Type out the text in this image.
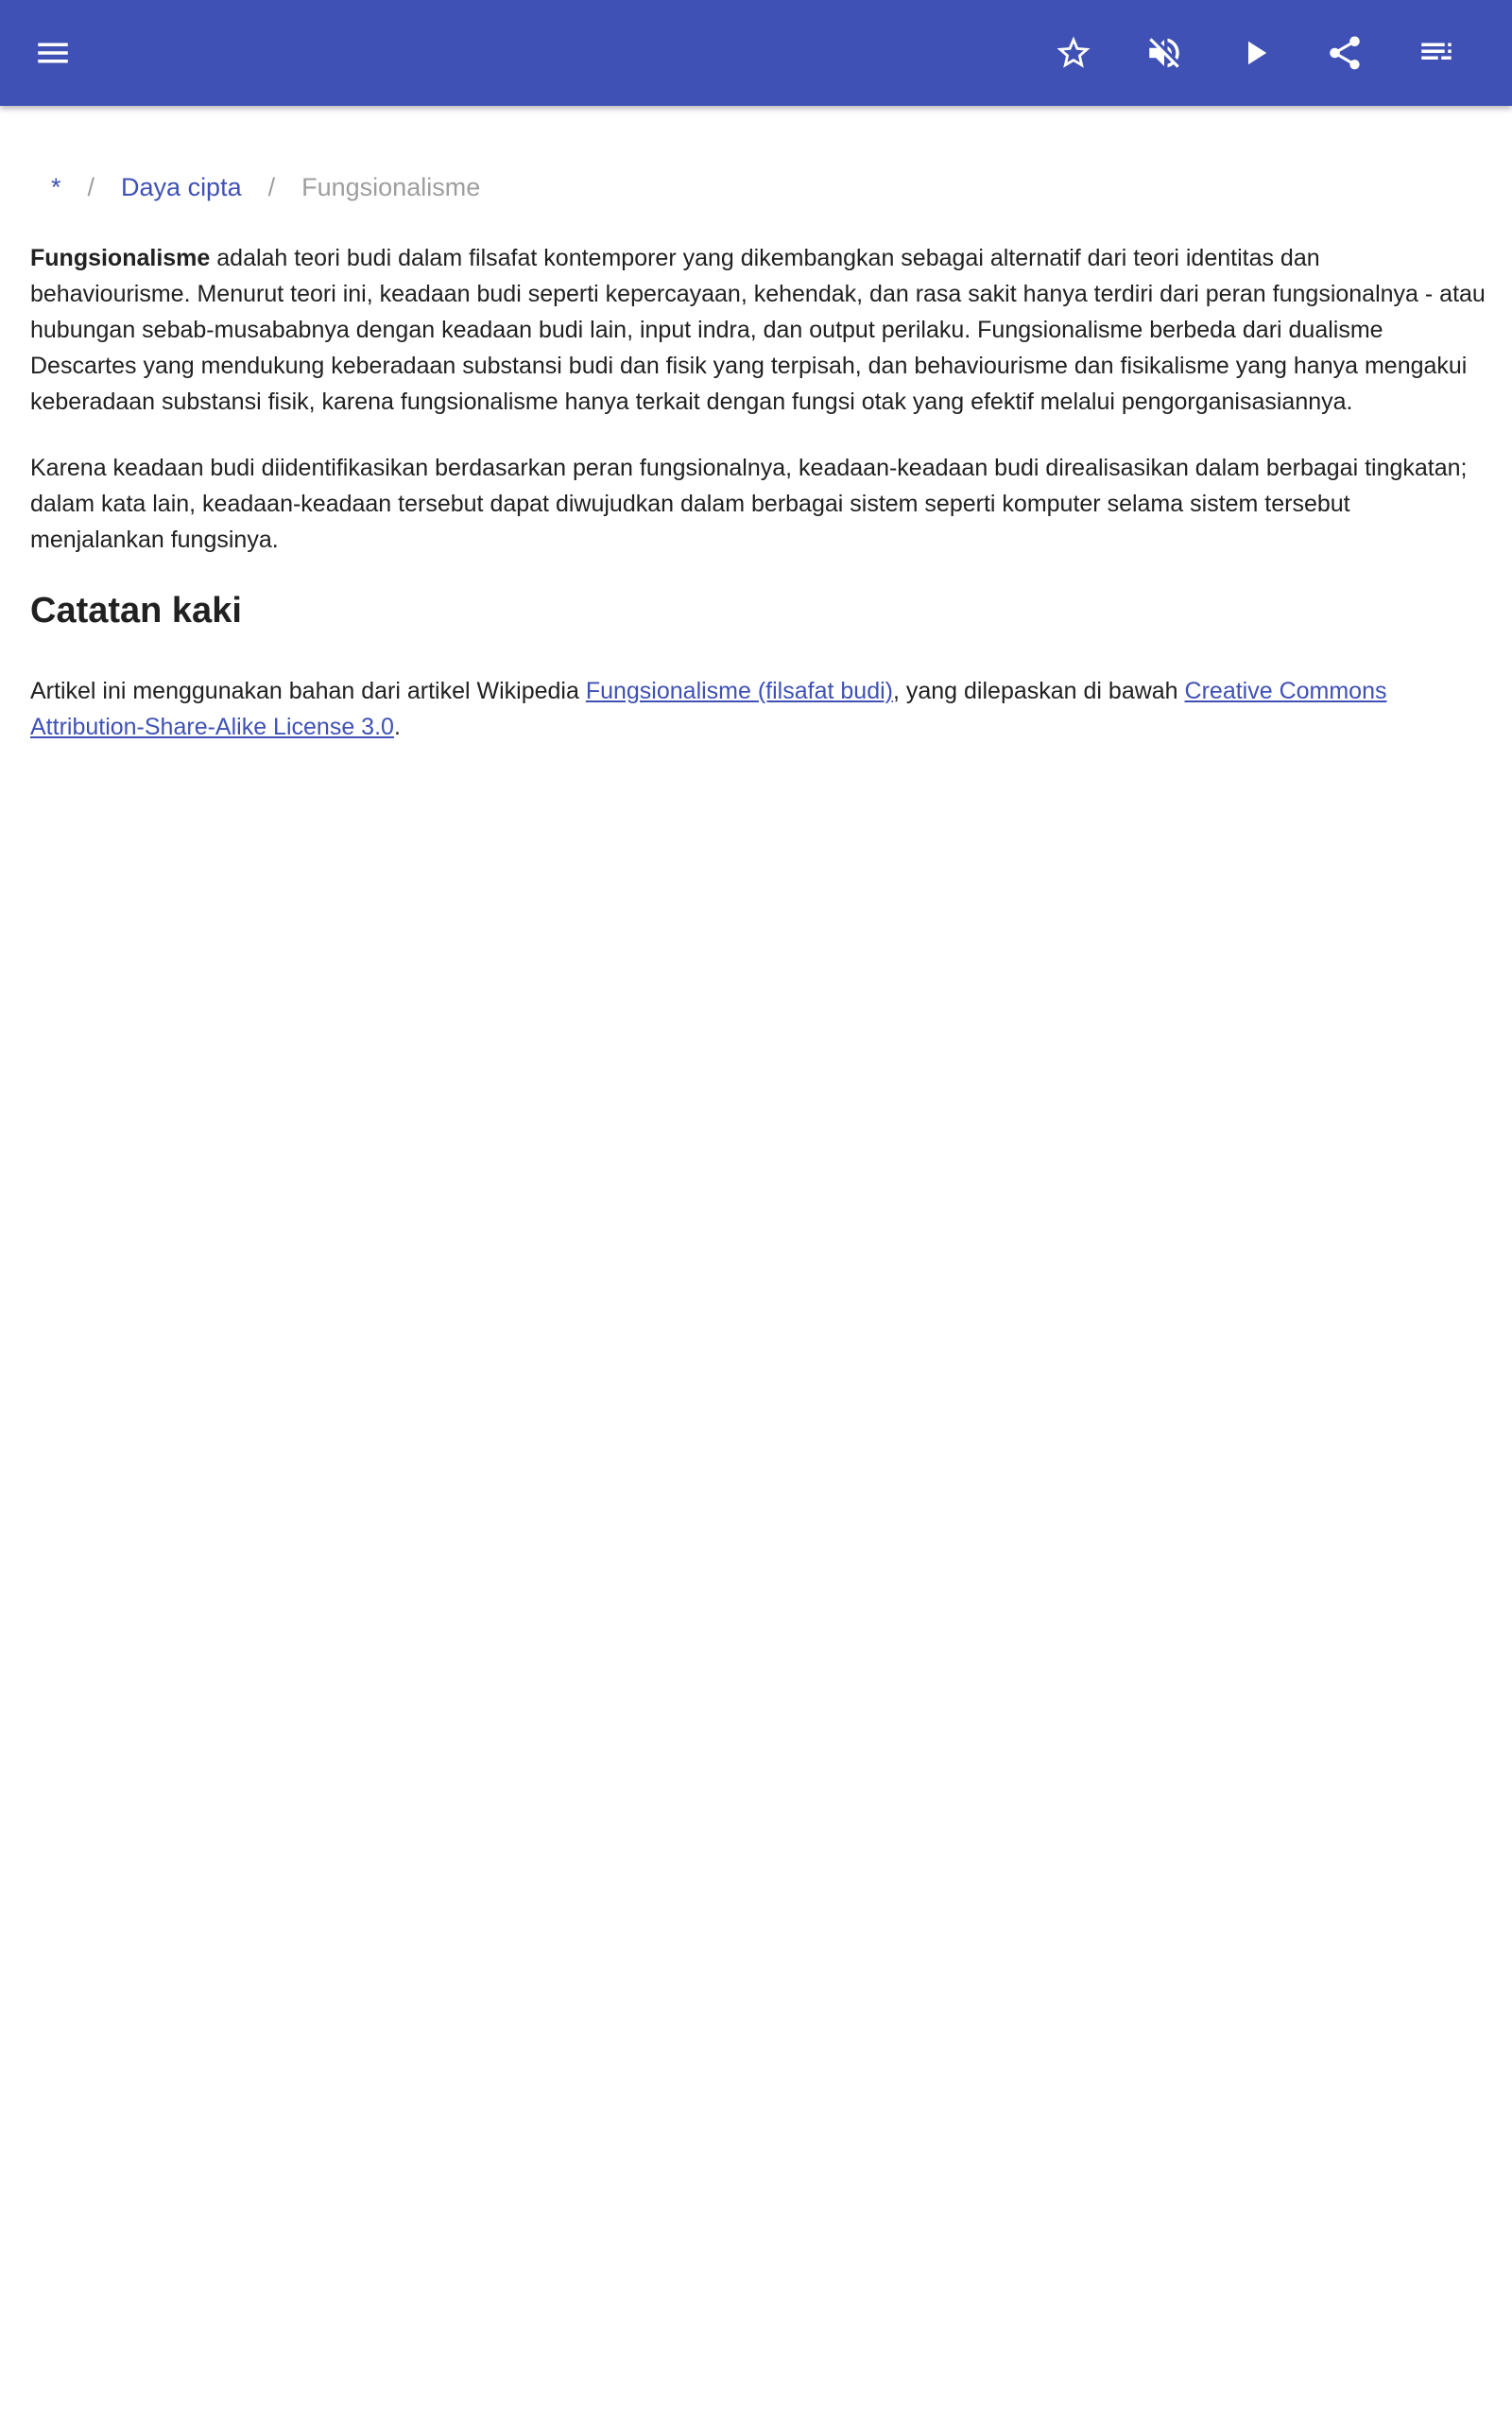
* / Daya cipta / Fungsionalisme

Fungsionalisme adalah teori budi dalam filsafat kontemporer yang dikembangkan sebagai alternatif dari teori identitas dan behaviourisme. Menurut teori ini, keadaan budi seperti kepercayaan, kehendak, dan rasa sakit hanya terdiri dari peran fungsionalnya - atau hubungan sebab-musababnya dengan keadaan budi lain, input indra, dan output perilaku. Fungsionalisme berbeda dari dualisme Descartes yang mendukung keberadaan substansi budi dan fisik yang terpisah, dan behaviourisme dan fisikalisme yang hanya mengakui keberadaan substansi fisik, karena fungsionalisme hanya terkait dengan fungsi otak yang efektif melalui pengorganisasiannya.

Karena keadaan budi diidentifikasikan berdasarkan peran fungsionalnya, keadaan-keadaan budi direalisasikan dalam berbagai tingkatan; dalam kata lain, keadaan-keadaan tersebut dapat diwujudkan dalam berbagai sistem seperti komputer selama sistem tersebut menjalankan fungsinya.

Catatan kaki

Artikel ini menggunakan bahan dari artikel Wikipedia Fungsionalisme (filsafat budi), yang dilepaskan di bawah Creative Commons Attribution-Share-Alike License 3.0.
